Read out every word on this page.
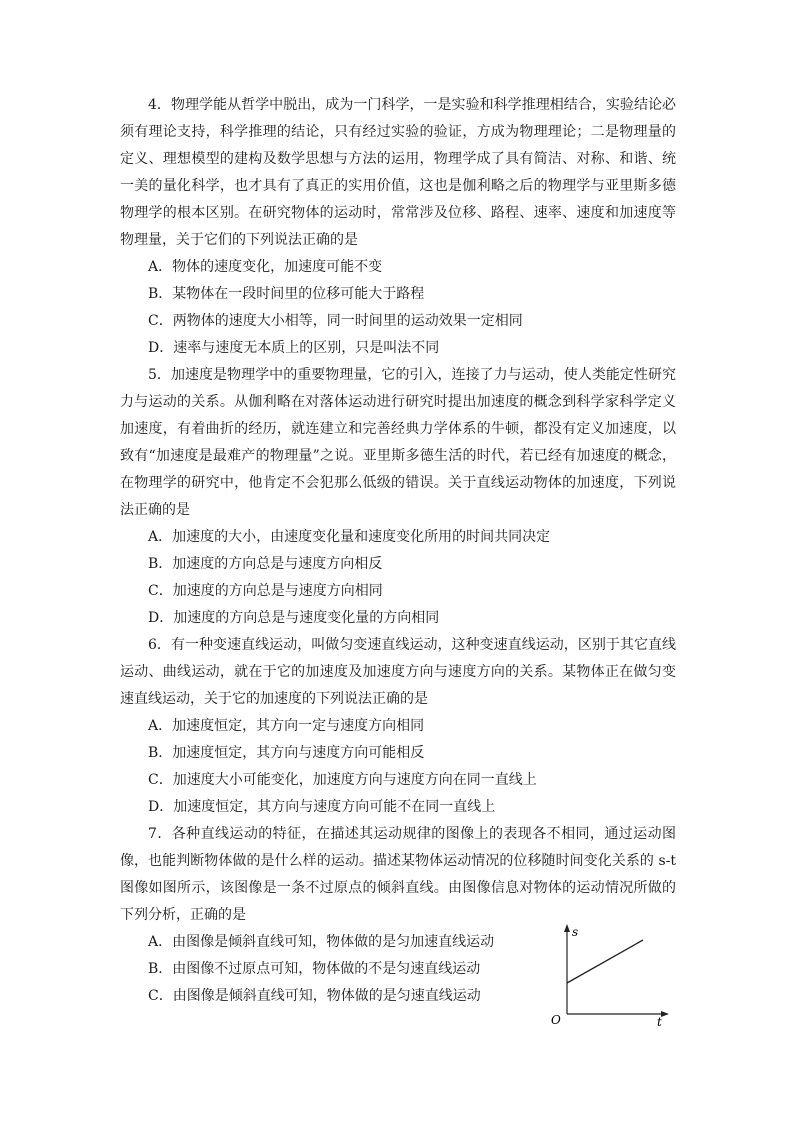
4．物理学能从哲学中脱出，成为一门科学，一是实验和科学推理相结合，实验结论必须有理论支持，科学推理的结论，只有经过实验的验证，方成为物理理论；二是物理量的定义、理想模型的建构及数学思想与方法的运用，物理学成了具有简洁、对称、和谐、统一美的量化科学，也才具有了真正的实用价值，这也是伽利略之后的物理学与亚里斯多德物理学的根本区别。在研究物体的运动时，常常涉及位移、路程、速率、速度和加速度等物理量，关于它们的下列说法正确的是

A．物体的速度变化，加速度可能不变

B．某物体在一段时间里的位移可能大于路程

C．两物体的速度大小相等，同一时间里的运动效果一定相同

D．速率与速度无本质上的区别，只是叫法不同

5．加速度是物理学中的重要物理量，它的引入，连接了力与运动，使人类能定性研究力与运动的关系。从伽利略在对落体运动进行研究时提出加速度的概念到科学家科学定义加速度，有着曲折的经历，就连建立和完善经典力学体系的牛顿，都没有定义加速度，以致有“加速度是最难产的物理量”之说。亚里斯多德生活的时代，若已经有加速度的概念，在物理学的研究中，他肯定不会犯那么低级的错误。关于直线运动物体的加速度，下列说法正确的是

A．加速度的大小，由速度变化量和速度变化所用的时间共同决定

B．加速度的方向总是与速度方向相反

C．加速度的方向总是与速度方向相同

D．加速度的方向总是与速度变化量的方向相同

6．有一种变速直线运动，叫做匀变速直线运动，这种变速直线运动，区别于其它直线运动、曲线运动，就在于它的加速度及加速度方向与速度方向的关系。某物体正在做匀变速直线运动，关于它的加速度的下列说法正确的是

A．加速度恒定，其方向一定与速度方向相同

B．加速度恒定，其方向与速度方向可能相反

C．加速度大小可能变化，加速度方向与速度方向在同一直线上

D．加速度恒定，其方向与速度方向可能不在同一直线上

7．各种直线运动的特征，在描述其运动规律的图像上的表现各不相同，通过运动图像，也能判断物体做的是什么样的运动。描述某物体运动情况的位移随时间变化关系的 s-t 图像如图所示，该图像是一条不过原点的倾斜直线。由图像信息对物体的运动情况所做的下列分析，正确的是

A．由图像是倾斜直线可知，物体做的是匀加速直线运动

B．由图像不过原点可知，物体做的不是匀速直线运动

C．由图像是倾斜直线可知，物体做的是匀速直线运动

s
t
O
